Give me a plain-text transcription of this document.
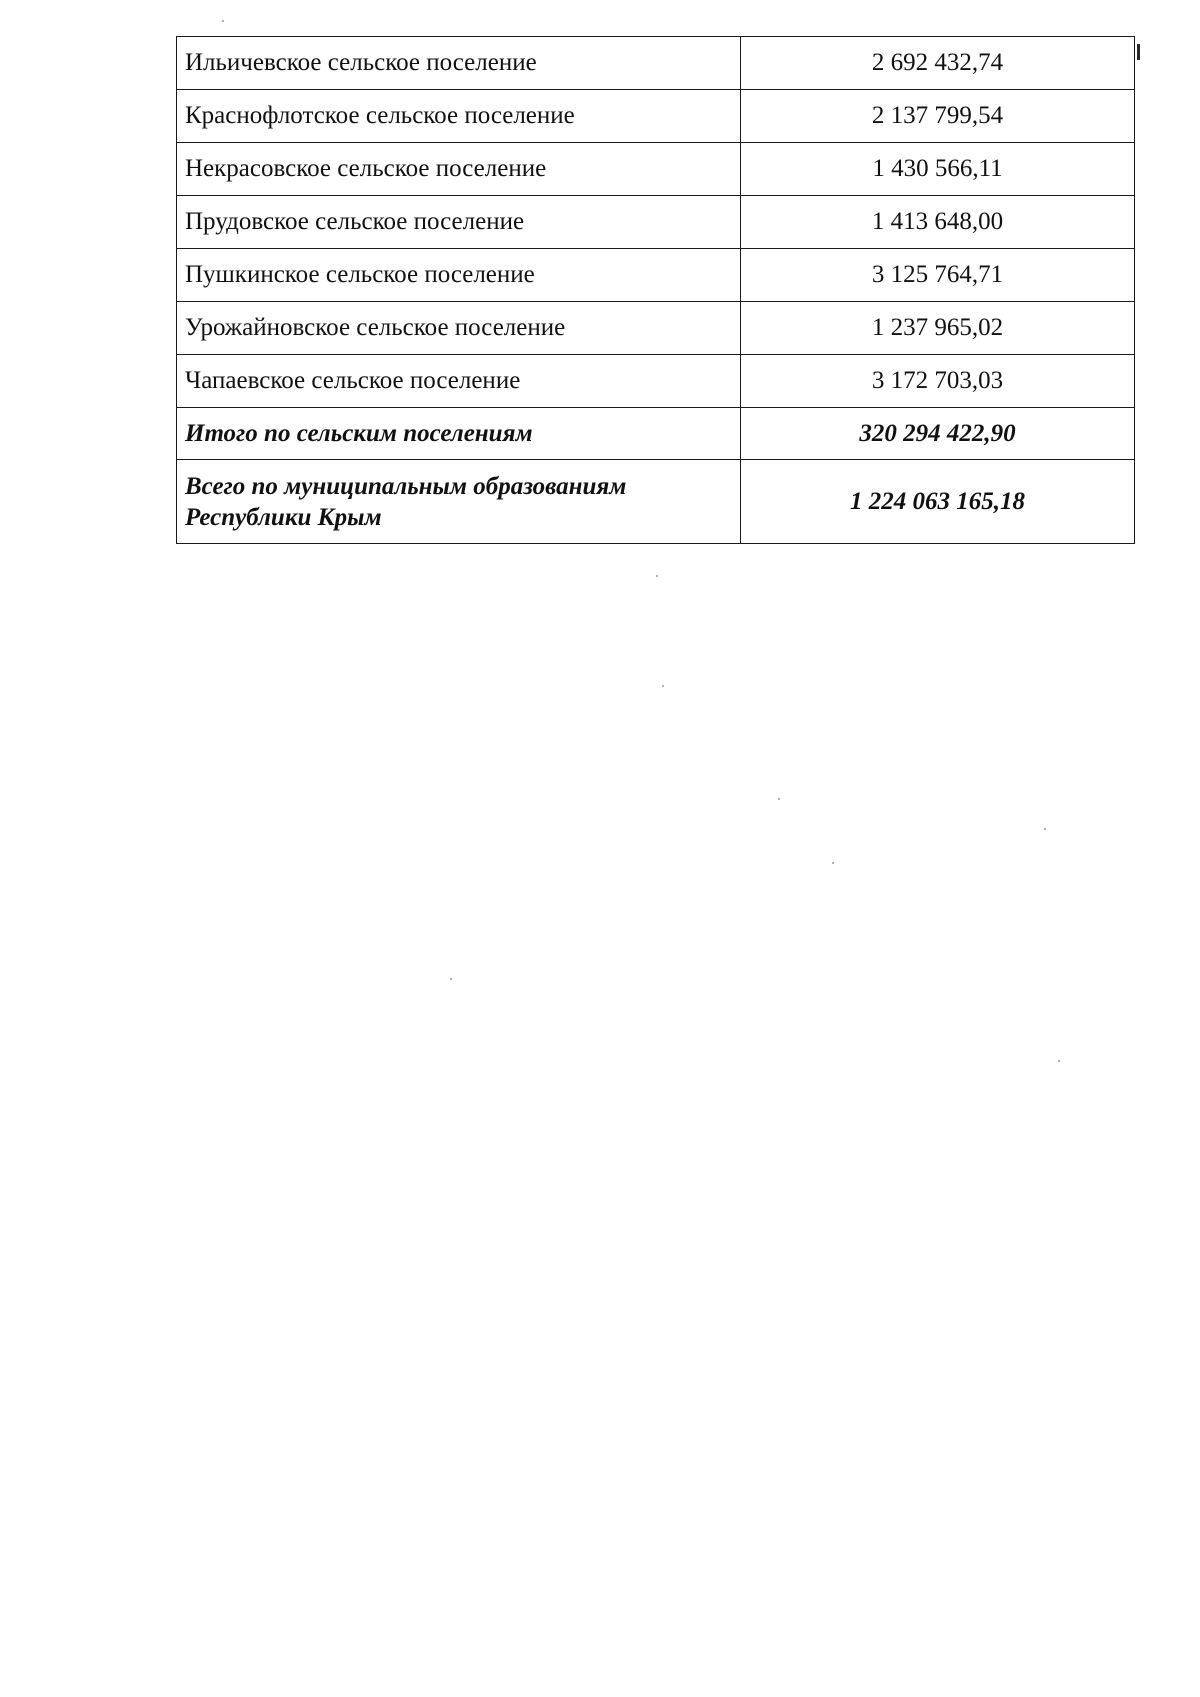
Ильичевское сельское поселение	2 692 432,74
Краснофлотское сельское поселение	2 137 799,54
Некрасовское сельское поселение	1 430 566,11
Прудовское сельское поселение	1 413 648,00
Пушкинское сельское поселение	3 125 764,71
Урожайновское сельское поселение	1 237 965,02
Чапаевское сельское поселение	3 172 703,03
Итого по сельским поселениям	320 294 422,90
Всего по муниципальным образованиям
Республики Крым	1 224 063 165,18
